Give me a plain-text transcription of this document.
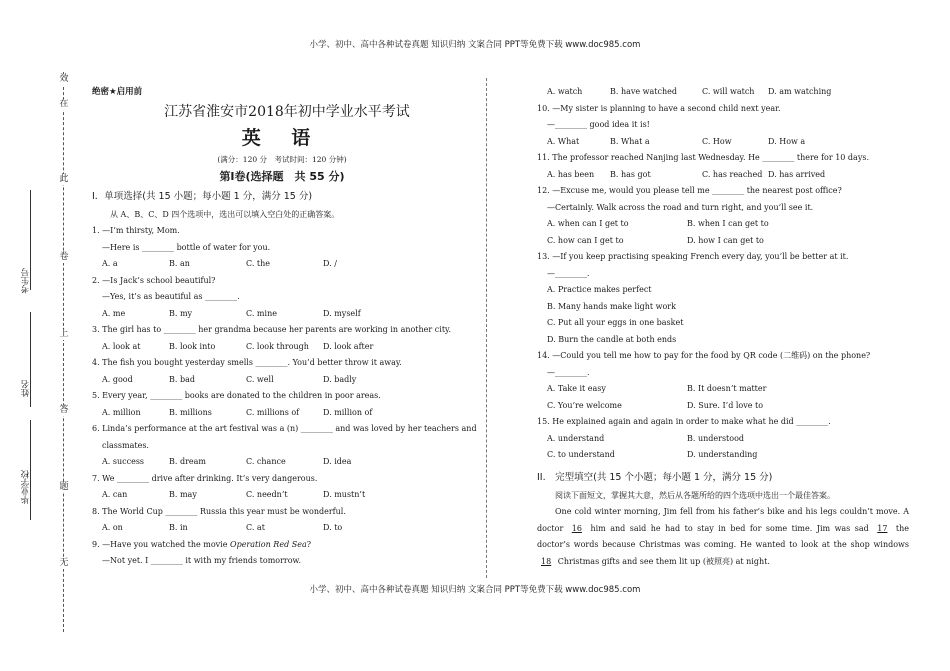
小学、初中、高中各种试卷真题 知识归纳 文案合同 PPT等免费下载 www.doc985.com
效
在
此
卷
上
答
题
无
考生号
姓名
毕业学校
绝密★启用前
江苏省淮安市2018年初中学业水平考试
英 语
(满分：120 分　考试时间：120 分钟)
第Ⅰ卷(选择题　共 55 分)
Ⅰ．单项选择(共 15 小题；每小题 1 分，满分 15 分)
从 A、B、C、D 四个选项中，选出可以填入空白处的正确答案。
1. —I’m thirsty, Mom.
—Here is ________ bottle of water for you.
A. a	B. an	C. the	D. /
2. —Is Jack’s school beautiful?
—Yes, it’s as beautiful as ________.
A. me	B. my	C. mine	D. myself
3. The girl has to ________ her grandma because her parents are working in another city.
A. look at	B. look into	C. look through	D. look after
4. The fish you bought yesterday smells ________. You’d better throw it away.
A. good	B. bad	C. well	D. badly
5. Every year, ________ books are donated to the children in poor areas.
A. million	B. millions	C. millions of	D. million of
6. Linda’s performance at the art festival was a (n) ________ and was loved by her teachers and
classmates.
A. success	B. dream	C. chance	D. idea
7. We ________ drive after drinking. It’s very dangerous.
A. can	B. may	C. needn’t	D. mustn’t
8. The World Cup ________ Russia this year must be wonderful.
A. on	B. in	C. at	D. to
9. —Have you watched the movie Operation Red Sea?
—Not yet. I ________ it with my friends tomorrow.
A. watch	B. have watched	C. will watch	D. am watching
10. —My sister is planning to have a second child next year.
—________ good idea it is!
A. What	B. What a	C. How	D. How a
11. The professor reached Nanjing last Wednesday. He ________ there for 10 days.
A. has been	B. has got	C. has reached D. has arrived
12. —Excuse me, would you please tell me ________ the nearest post office?
—Certainly. Walk across the road and turn right, and you’ll see it.
A. when can I get to	B. when I can get to
C. how can I get to	D. how I can get to
13. —If you keep practising speaking French every day, you’ll be better at it.
—________.
A. Practice makes perfect
B. Many hands make light work
C. Put all your eggs in one basket
D. Burn the candle at both ends
14. —Could you tell me how to pay for the food by QR code (二维码) on the phone?
—________.
A. Take it easy	B. It doesn’t matter
C. You’re welcome	D. Sure. I’d love to
15. He explained again and again in order to make what he did ________.
A. understand	B. understood
C. to understand	D. understanding
II.　完型填空(共 15 个小题；每小题 1 分，满分 15 分)
阅读下面短文，掌握其大意，然后从各题所给的四个选项中选出一个最佳答案。
One cold winter morning, Jim fell from his father’s bike and his legs couldn’t move. A doctor 16 him and said he had to stay in bed for some time. Jim was sad 17 the doctor’s words because Christmas was coming. He wanted to look at the shop windows 18 Christmas gifts and see them lit up (被照亮) at night.
小学、初中、高中各种试卷真题 知识归纳 文案合同 PPT等免费下载 www.doc985.com
